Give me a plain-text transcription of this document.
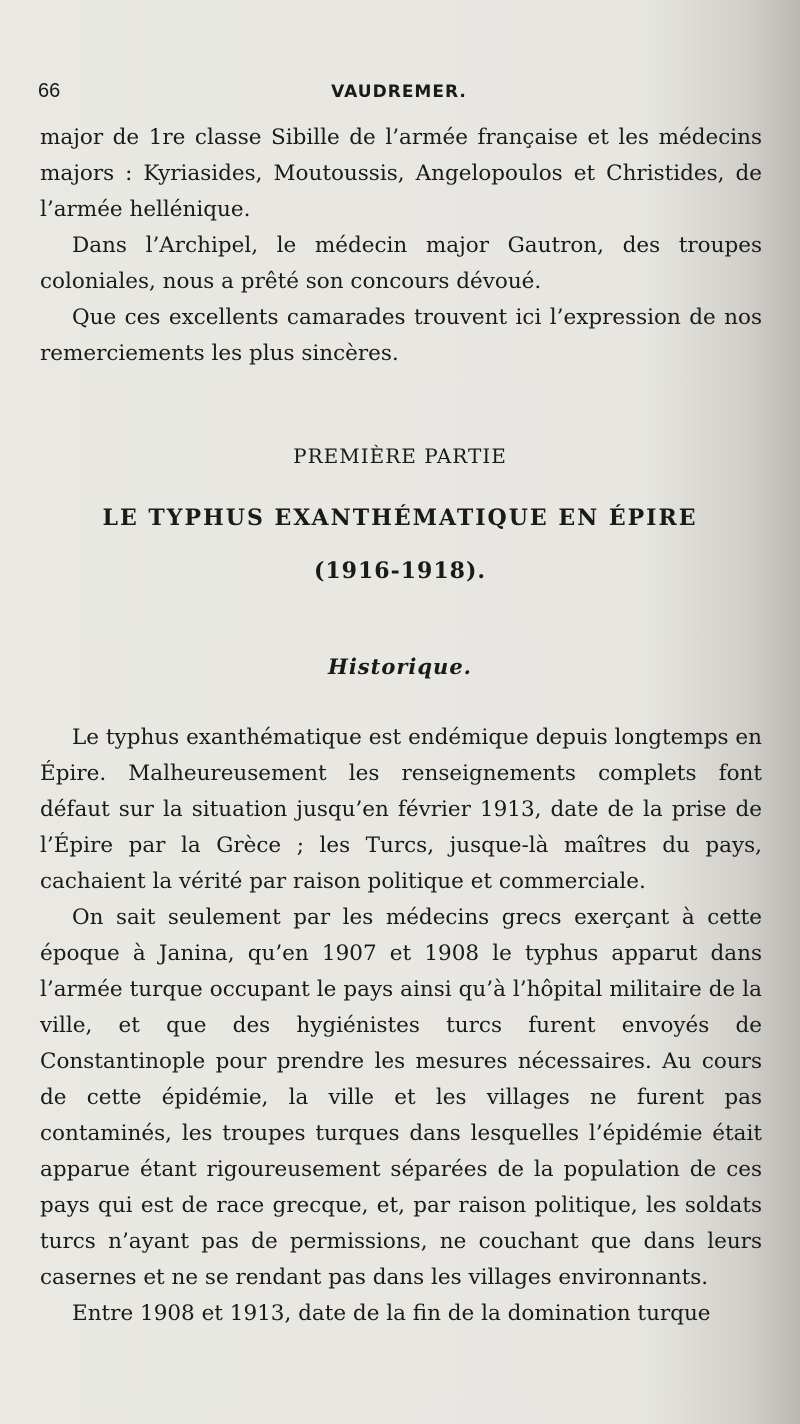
66	VAUDREMER.

major de 1re classe Sibille de l’armée française et les médecins majors : Kyriasides, Moutoussis, Angelopoulos et Christides, de l’armée hellénique.

Dans l’Archipel, le médecin major Gautron, des troupes coloniales, nous a prêté son concours dévoué.

Que ces excellents camarades trouvent ici l’expression de nos remerciements les plus sincères.

PREMIÈRE PARTIE
LE TYPHUS EXANTHÉMATIQUE EN ÉPIRE
(1916-1918).
Historique.

Le typhus exanthématique est endémique depuis longtemps en Épire. Malheureusement les renseignements complets font défaut sur la situation jusqu’en février 1913, date de la prise de l’Épire par la Grèce ; les Turcs, jusque-là maîtres du pays, cachaient la vérité par raison politique et commerciale.

On sait seulement par les médecins grecs exerçant à cette époque à Janina, qu’en 1907 et 1908 le typhus apparut dans l’armée turque occupant le pays ainsi qu’à l’hôpital militaire de la ville, et que des hygiénistes turcs furent envoyés de Constantinople pour prendre les mesures nécessaires. Au cours de cette épidémie, la ville et les villages ne furent pas contaminés, les troupes turques dans lesquelles l’épidémie était apparue étant rigoureusement séparées de la population de ces pays qui est de race grecque, et, par raison politique, les soldats turcs n’ayant pas de permissions, ne couchant que dans leurs casernes et ne se rendant pas dans les villages environnants.

Entre 1908 et 1913, date de la fin de la domination turque
